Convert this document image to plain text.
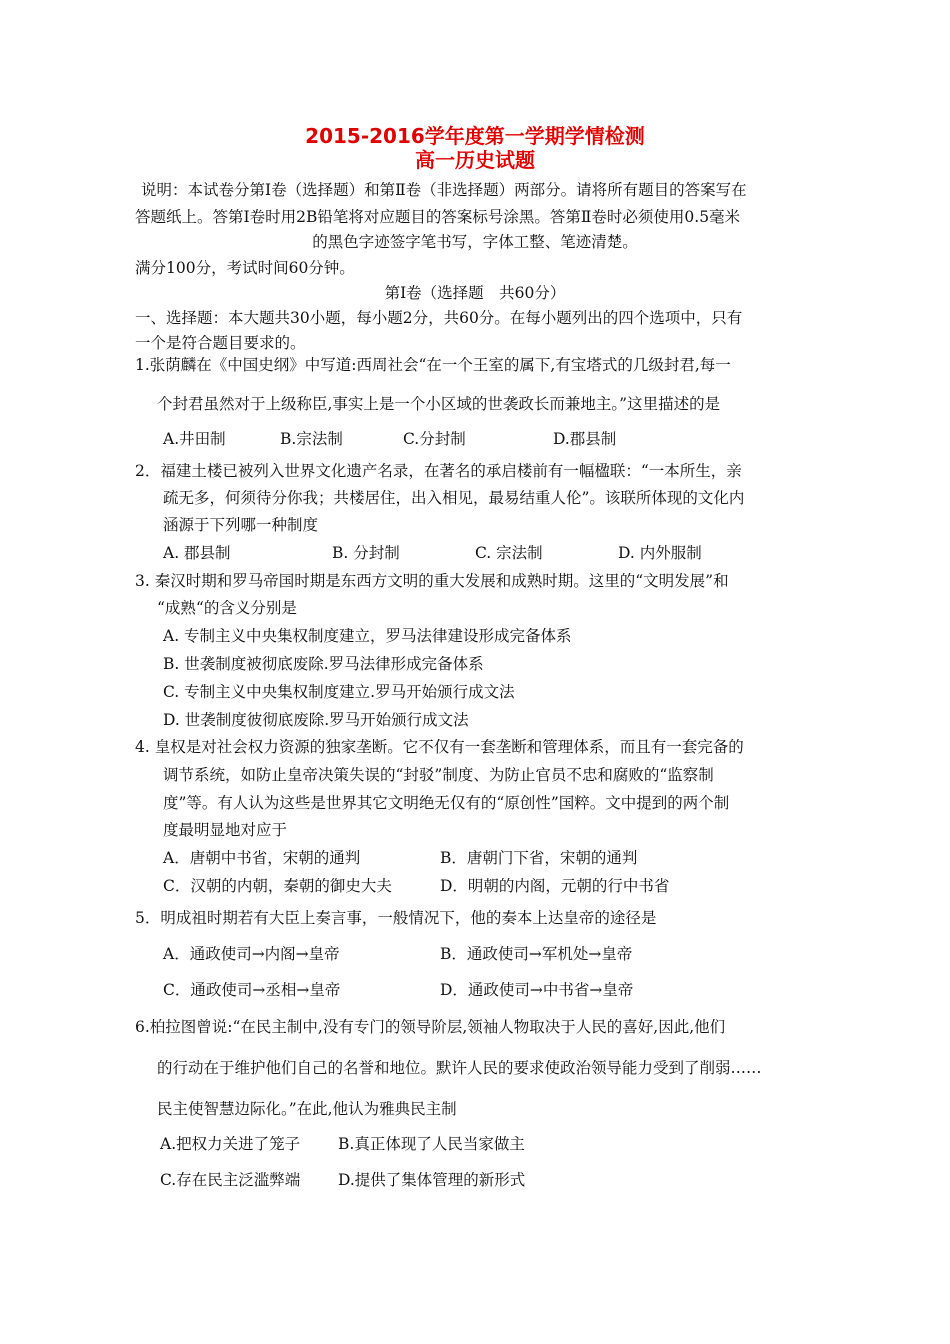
2015-2016学年度第一学期学情检测
高一历史试题
说明：本试卷分第Ⅰ卷（选择题）和第Ⅱ卷（非选择题）两部分。请将所有题目的答案写在
答题纸上。答第Ⅰ卷时用2B铅笔将对应题目的答案标号涂黑。答第Ⅱ卷时必须使用0.5毫米
的黑色字迹签字笔书写，字体工整、笔迹清楚。
满分100分，考试时间60分钟。
第Ⅰ卷（选择题　共60分）
一、选择题：本大题共30小题，每小题2分，共60分。在每小题列出的四个选项中，只有
一个是符合题目要求的。
1.张荫麟在《中国史纲》中写道:西周社会“在一个王室的属下,有宝塔式的几级封君,每一
个封君虽然对于上级称臣,事实上是一个小区域的世袭政长而兼地主。”这里描述的是
A.井田制	B.宗法制	C.分封制	D.郡县制
2．福建土楼已被列入世界文化遗产名录，在著名的承启楼前有一幅楹联：“一本所生，亲
疏无多，何须待分你我；共楼居住，出入相见，最易结重人伦”。该联所体现的文化内
涵源于下列哪一种制度
A. 郡县制	B. 分封制	C. 宗法制	D. 内外服制
3. 秦汉时期和罗马帝国时期是东西方文明的重大发展和成熟时期。这里的“文明发展”和
“成熟“的含义分别是
A. 专制主义中央集权制度建立，罗马法律建设形成完备体系
B. 世袭制度被彻底废除.罗马法律形成完备体系
C. 专制主义中央集权制度建立.罗马开始颁行成文法
D. 世袭制度彼彻底废除.罗马开始颁行成文法
4. 皇权是对社会权力资源的独家垄断。它不仅有一套垄断和管理体系，而且有一套完备的
调节系统，如防止皇帝决策失误的“封驳”制度、为防止官员不忠和腐败的“监察制
度”等。有人认为这些是世界其它文明绝无仅有的“原创性”国粹。文中提到的两个制
度最明显地对应于
A．唐朝中书省，宋朝的通判	B．唐朝门下省，宋朝的通判
C．汉朝的内朝，秦朝的御史大夫	D．明朝的内阁，元朝的行中书省
5．明成祖时期若有大臣上奏言事，一般情况下，他的奏本上达皇帝的途径是
A．通政使司→内阁→皇帝	B．通政使司→军机处→皇帝
C．通政使司→丞相→皇帝	D．通政使司→中书省→皇帝
6.柏拉图曾说:“在民主制中,没有专门的领导阶层,领袖人物取决于人民的喜好,因此,他们
的行动在于维护他们自己的名誉和地位。默许人民的要求使政治领导能力受到了削弱……
民主使智慧边际化。”在此,他认为雅典民主制
A.把权力关进了笼子 B.真正体现了人民当家做主
C.存在民主泛滥弊端 D.提供了集体管理的新形式
